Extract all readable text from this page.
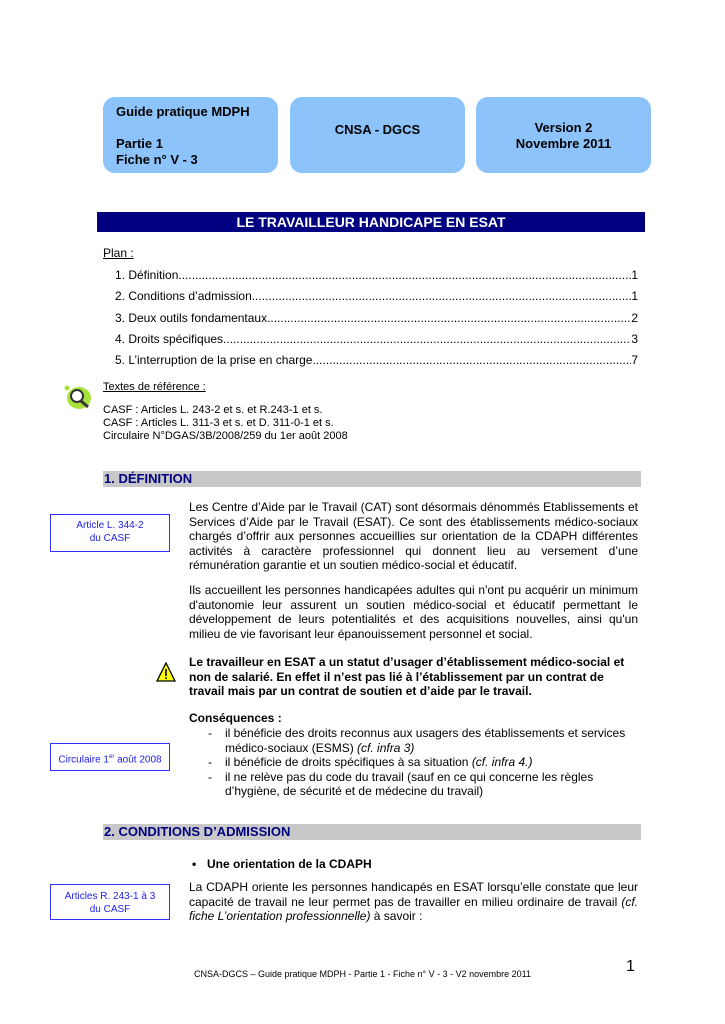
Guide pratique MDPH
Partie 1
Fiche n° V - 3
CNSA - DGCS	Version 2
Novembre 2011
LE TRAVAILLEUR HANDICAPE EN ESAT
Plan :
1. Définition .....	1
2. Conditions d’admission .....	1
3. Deux outils fondamentaux .....	2
4. Droits spécifiques .....	3
5. L’interruption de la prise en charge .....	7
Textes de référence :
CASF : Articles L. 243-2 et s. et R.243-1 et s.
CASF : Articles L. 311-3 et s. et D. 311-0-1 et s.
Circulaire N°DGAS/3B/2008/259 du 1er août 2008
1. DÉFINITION
Article L. 344-2
du CASF
Les Centre d’Aide par le Travail (CAT) sont désormais dénommés Etablissements et Services d’Aide par le Travail (ESAT). Ce sont des établissements médico-sociaux chargés d’offrir aux personnes accueillies sur orientation de la CDAPH différentes activités à caractère professionnel qui donnent lieu au versement d’une rémunération garantie et un soutien médico-social et éducatif.
Ils accueillent les personnes handicapées adultes qui n'ont pu acquérir un minimum d'autonomie leur assurent un soutien médico-social et éducatif permettant le développement de leurs potentialités et des acquisitions nouvelles, ainsi qu'un milieu de vie favorisant leur épanouissement personnel et social.
Le travailleur en ESAT a un statut d’usager d’établissement médico-social et non de salarié. En effet il n’est pas lié à l’établissement par un contrat de travail mais par un contrat de soutien et d’aide par le travail.
Conséquences :
- il bénéficie des droits reconnus aux usagers des établissements et services médico-sociaux (ESMS) (cf. infra 3)
- il bénéficie de droits spécifiques à sa situation (cf. infra 4.)
- il ne relève pas du code du travail (sauf en ce qui concerne les règles d’hygiène, de sécurité et de médecine du travail)
Circulaire 1er août 2008
2. CONDITIONS D’ADMISSION
• Une orientation de la CDAPH
Articles R. 243-1 à 3
du CASF
La CDAPH oriente les personnes handicapés en ESAT lorsqu’elle constate que leur capacité de travail ne leur permet pas de travailler en milieu ordinaire de travail (cf. fiche L’orientation professionnelle) à savoir :
CNSA-DGCS – Guide pratique MDPH - Partie 1 - Fiche n° V - 3 - V2 novembre 2011	1
